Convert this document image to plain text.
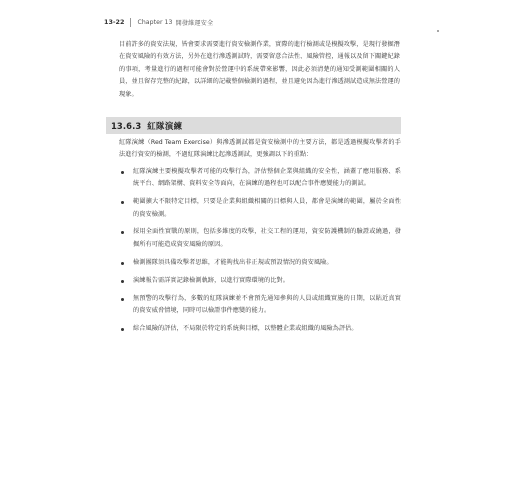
13-22 Chapter 13 開發維運安全

目前許多的資安法規，皆會要求需要進行資安檢測作業，實際的進行檢測或是模擬攻擊，是現行發掘潛在資安風險的有效方法，另外在進行滲透測試時，需要留意合法性、風險管控，通報以及留下關鍵紀錄的事項，考量進行的過程可能會對於營運中的系統帶來影響，因此必須清楚的通知受測範圍相關的人員，並且留存完整的紀錄，以詳細的記載整個檢測的過程，並且避免因為進行滲透測試造成無法營運的現象。

13.6.3 紅隊演練

紅隊演練（Red Team Exercise）與滲透測試都是資安檢測中的主要方法，都是透過模擬攻擊者的手法進行資安的檢測，不過紅隊演練比起滲透測試，更強調以下的重點：

紅隊演練主要模擬攻擊者可能的攻擊行為，評估整個企業與組織的安全性，涵蓋了應用服務、系統平台、網路架構、資料安全等面向，在演練的過程也可以配合事件應變能力的測試。
範圍擴大不限特定目標，只要是企業與組織相關的目標與人員，都會是演練的範圍，屬於全面性的資安檢測。
採用全面性實戰的原則，包括多維度的攻擊，社交工程的運用，資安防護機制的驗證或繞過，發掘所有可能造成資安風險的原因。
檢測團隊須具備攻擊者思維，才能夠找出非正規或預設情況的資安風險。
演練報告需詳實記錄檢測軌跡，以進行實際環境的比對。
無預警的攻擊行為，多數的紅隊演練並不會預先通知參與的人員或組織實施的日期，以貼近真實的資安威脅情境，同時可以檢證事件應變的能力。
綜合風險的評估，不局限於特定的系統與目標，以整體企業或組織的風險為評估。
